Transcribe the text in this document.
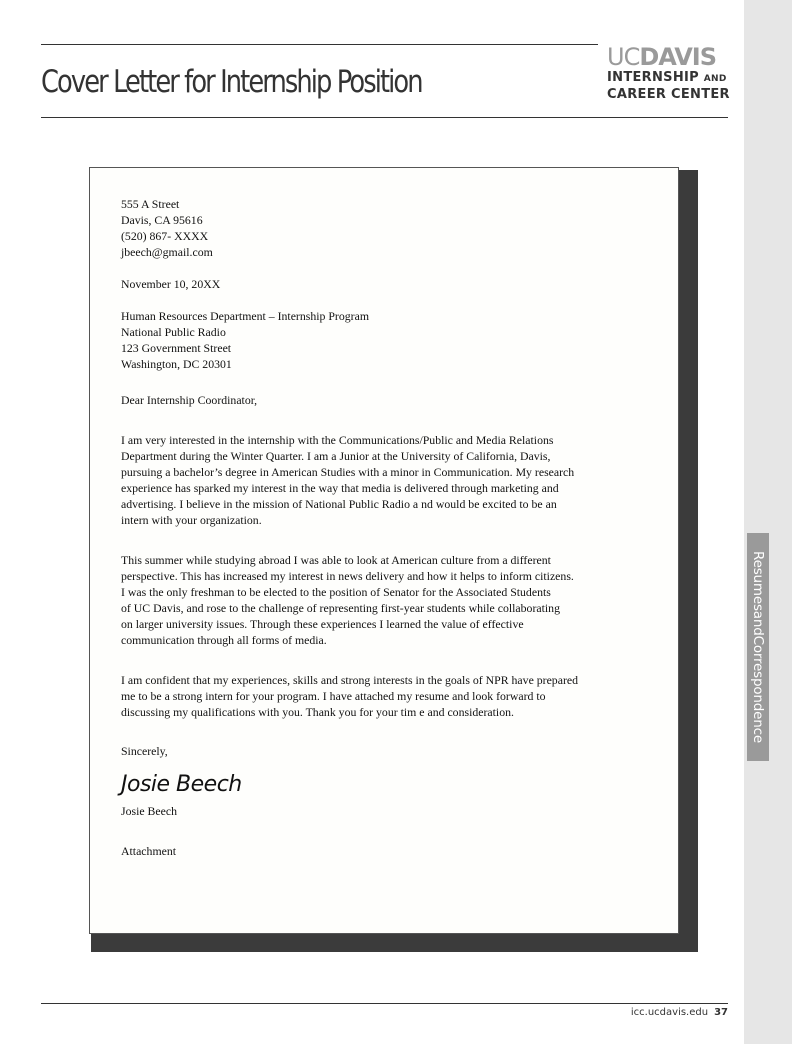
Cover Letter for Internship Position
UCDAVIS
INTERNSHIP AND
CAREER CENTER
555 A Street
Davis, CA 95616
(520) 867- XXXX
jbeech@gmail.com
November 10, 20XX
Human Resources Department – Internship Program
National Public Radio
123 Government Street
Washington, DC 20301
Dear Internship Coordinator,
I am very interested in the internship with the Communications/Public and Media Relations
Department during the Winter Quarter. I am a Junior at the University of California, Davis,
pursuing a bachelor’s degree in American Studies with a minor in Communication. My research
experience has sparked my interest in the way that media is delivered through marketing and
advertising. I believe in the mission of National Public Radio a nd would be excited to be an
intern with your organization.
This summer while studying abroad I was able to look at American culture from a different
perspective. This has increased my interest in news delivery and how it helps to inform citizens.
I was the only freshman to be elected to the position of Senator for the Associated Students
of UC Davis, and rose to the challenge of representing first-year students while collaborating
on larger university issues. Through these experiences I learned the value of effective
communication through all forms of media.
I am confident that my experiences, skills and strong interests in the goals of NPR have prepared
me to be a strong intern for your program. I have attached my resume and look forward to
discussing my qualifications with you. Thank you for your tim e and consideration.
Sincerely,
Josie Beech
Josie Beech
Attachment
ResumesandCorrespondence
icc.ucdavis.edu 37
